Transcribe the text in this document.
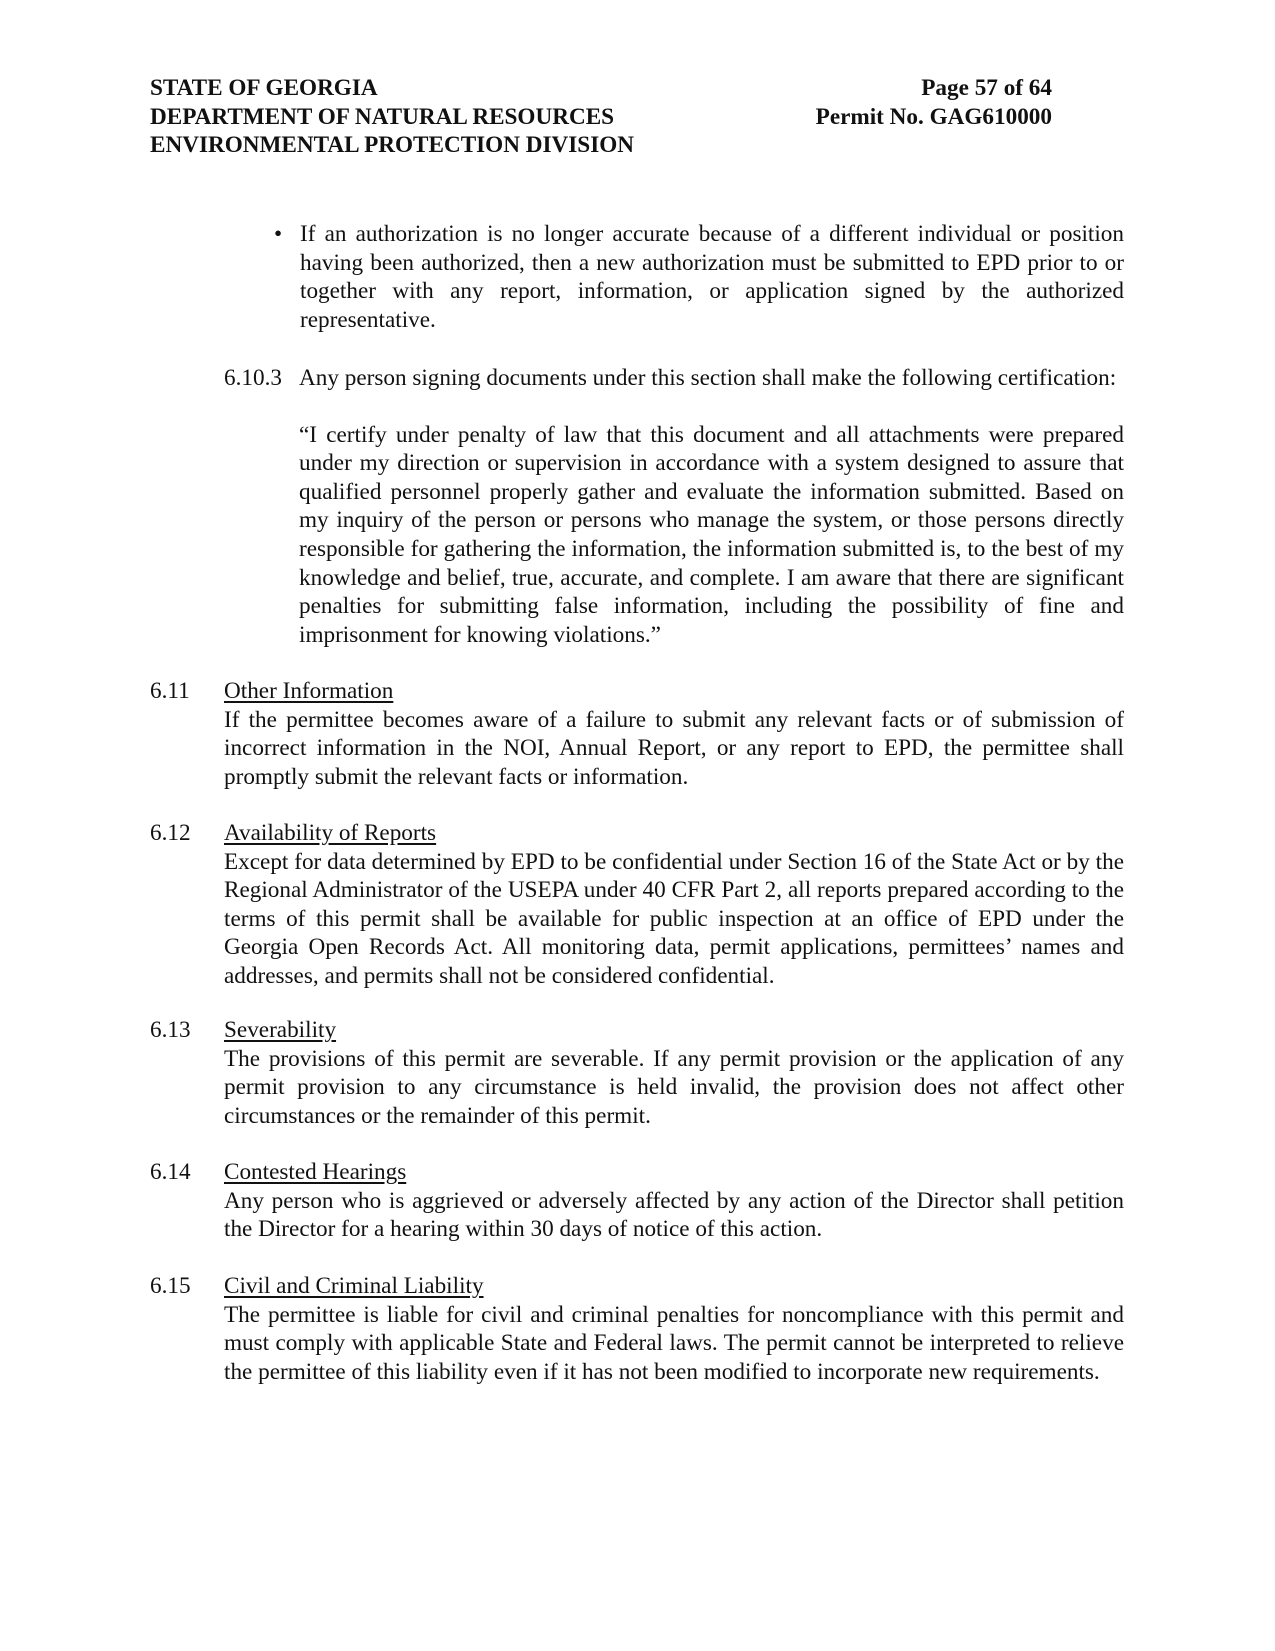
STATE OF GEORGIA	Page 57 of 64
DEPARTMENT OF NATURAL RESOURCES	Permit No. GAG610000
ENVIRONMENTAL PROTECTION DIVISION
• If an authorization is no longer accurate because of a different individual or position having been authorized, then a new authorization must be submitted to EPD prior to or together with any report, information, or application signed by the authorized representative.
6.10.3 Any person signing documents under this section shall make the following certification:
“I certify under penalty of law that this document and all attachments were prepared under my direction or supervision in accordance with a system designed to assure that qualified personnel properly gather and evaluate the information submitted. Based on my inquiry of the person or persons who manage the system, or those persons directly responsible for gathering the information, the information submitted is, to the best of my knowledge and belief, true, accurate, and complete. I am aware that there are significant penalties for submitting false information, including the possibility of fine and imprisonment for knowing violations.”
6.11 Other Information
If the permittee becomes aware of a failure to submit any relevant facts or of submission of incorrect information in the NOI, Annual Report, or any report to EPD, the permittee shall promptly submit the relevant facts or information.
6.12 Availability of Reports
Except for data determined by EPD to be confidential under Section 16 of the State Act or by the Regional Administrator of the USEPA under 40 CFR Part 2, all reports prepared according to the terms of this permit shall be available for public inspection at an office of EPD under the Georgia Open Records Act. All monitoring data, permit applications, permittees’ names and addresses, and permits shall not be considered confidential.
6.13 Severability
The provisions of this permit are severable. If any permit provision or the application of any permit provision to any circumstance is held invalid, the provision does not affect other circumstances or the remainder of this permit.
6.14 Contested Hearings
Any person who is aggrieved or adversely affected by any action of the Director shall petition the Director for a hearing within 30 days of notice of this action.
6.15 Civil and Criminal Liability
The permittee is liable for civil and criminal penalties for noncompliance with this permit and must comply with applicable State and Federal laws. The permit cannot be interpreted to relieve the permittee of this liability even if it has not been modified to incorporate new requirements.
